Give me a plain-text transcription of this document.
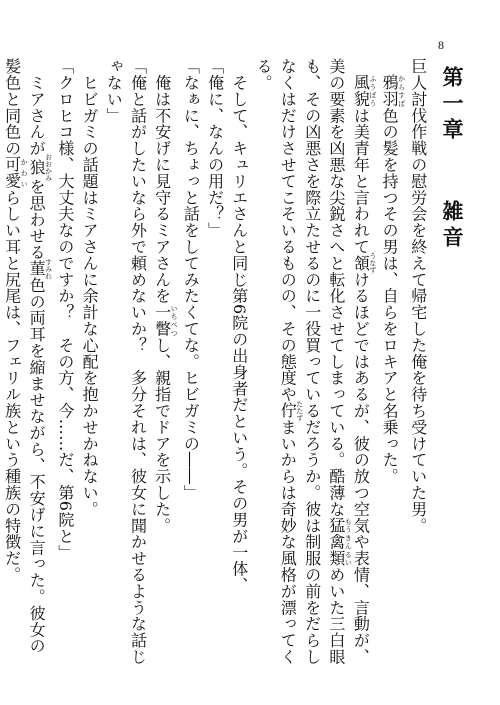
8
第一章雑音

巨人討伐作戦の慰労会を終えて帰宅した俺を待ち受けていた男。

　鴉羽からすば色の髪を持つその男は、自らをロキアと名乗った。

　風貌ふうぼうは美青年と言われて頷うなずけるほどではあるが、彼の放つ空気や表情、言動が、美の要素を凶悪な尖鋭さへと転化させてしまっている。酷薄な猛禽類もうきんるいめいた三白眼も、その凶悪さを際立たせるのに一役買っているだろうか。彼は制服の前をだらしなくはだけさせてこそいるものの、その態度や佇たたずまいからは奇妙な風格が漂ってくる。

　そして、キュリエさんと同じ第6院の出身者だという。その男が一体、

「俺に、なんの用だ？」

「なぁに、ちょっと話をしてみたくてな。ヒビガミの――」

　俺は不安げに見守るミアさんを一瞥いちべつし、親指でドアを示した。

「俺と話がしたいなら外で頼めないか？　多分それは、彼女に聞かせるような話じゃない」

　ヒビガミの話題はミアさんに余計な心配を抱かせかねない。

「クロヒコ様、大丈夫なのですか？　その方、今……だ、第6院と」

　ミアさんが狼おおかみを思わせる菫すみれ色の両耳を縮ませながら、不安げに言った。彼女の髪色と同色の可愛かわいらしい耳と尻尾は、フェリル族という種族の特徴だ。
